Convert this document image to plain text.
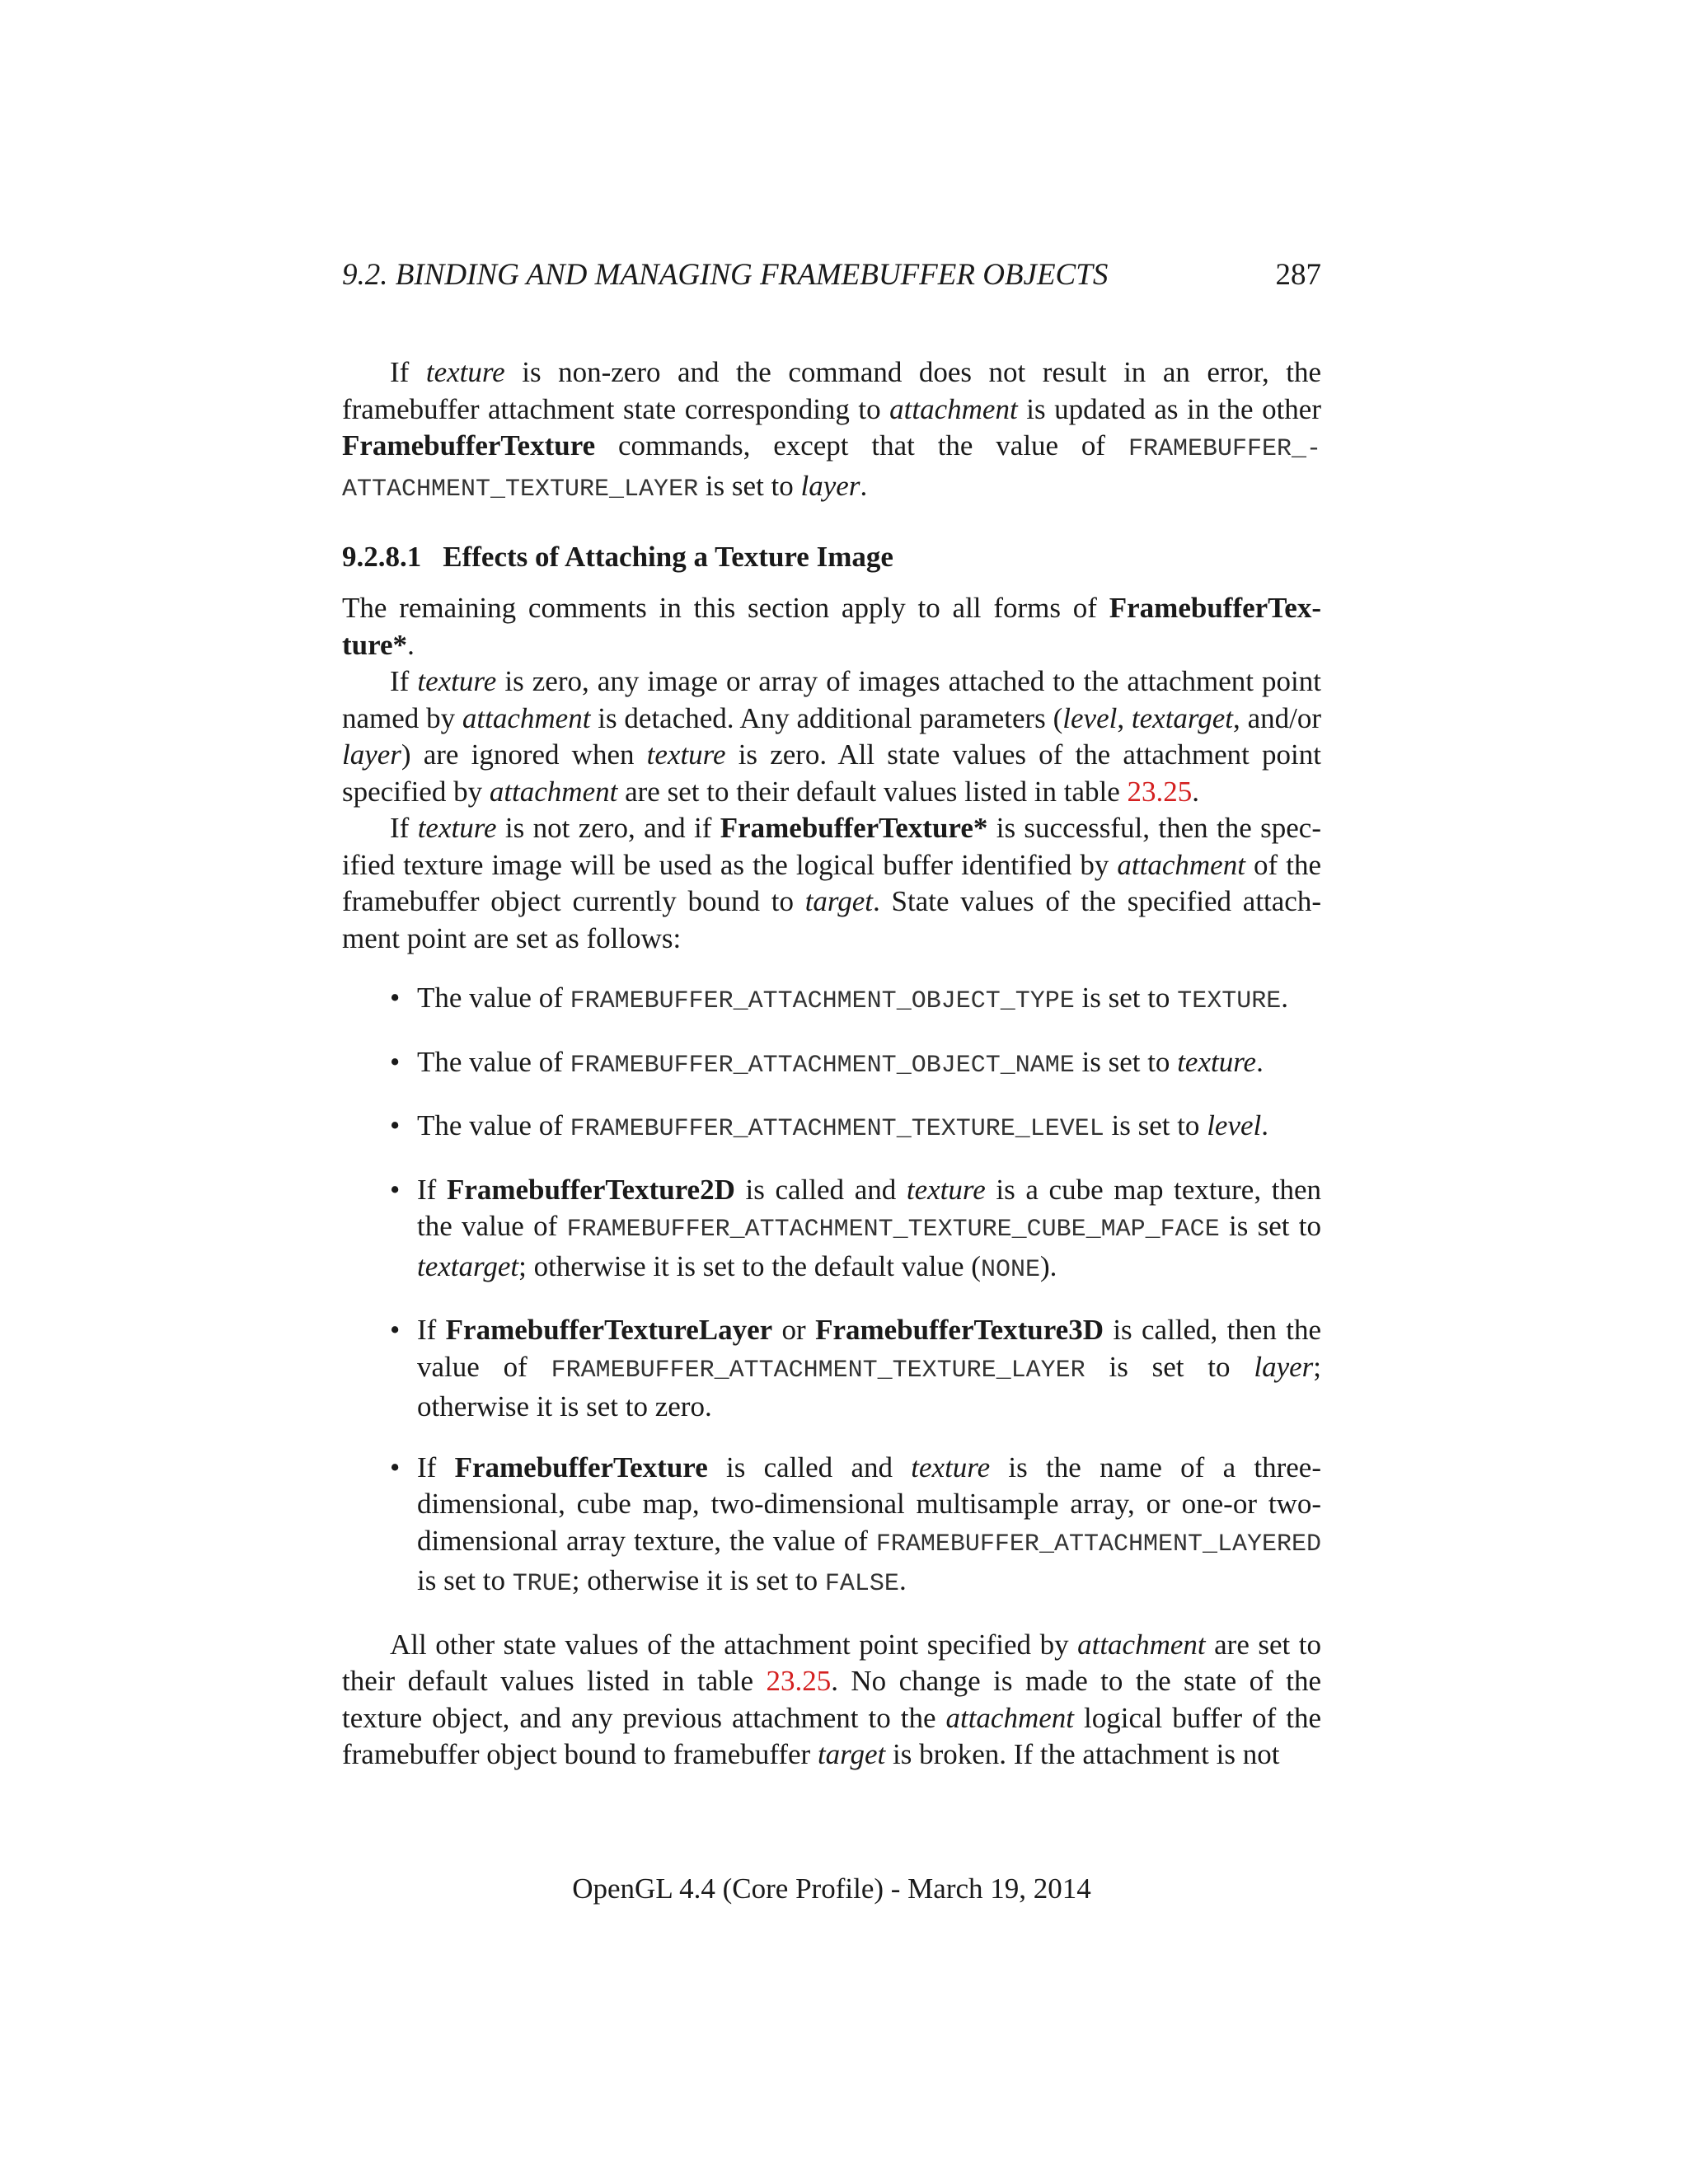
9.2. BINDING AND MANAGING FRAMEBUFFER OBJECTS	287

If texture is non-zero and the command does not result in an error, the framebuffer attachment state corresponding to attachment is updated as in the other FramebufferTexture commands, except that the value of FRAMEBUFFER_ATTACHMENT_TEXTURE_LAYER is set to layer.

9.2.8.1 Effects of Attaching a Texture Image

The remaining comments in this section apply to all forms of FramebufferTexture*.

If texture is zero, any image or array of images attached to the attachment point named by attachment is detached. Any additional parameters (level, textarget, and/or layer) are ignored when texture is zero. All state values of the attachment point specified by attachment are set to their default values listed in table 23.25.

If texture is not zero, and if FramebufferTexture* is successful, then the specified texture image will be used as the logical buffer identified by attachment of the framebuffer object currently bound to target. State values of the specified attachment point are set as follows:

• The value of FRAMEBUFFER_ATTACHMENT_OBJECT_TYPE is set to TEXTURE.
• The value of FRAMEBUFFER_ATTACHMENT_OBJECT_NAME is set to texture.
• The value of FRAMEBUFFER_ATTACHMENT_TEXTURE_LEVEL is set to level.
• If FramebufferTexture2D is called and texture is a cube map texture, then the value of FRAMEBUFFER_ATTACHMENT_TEXTURE_CUBE_MAP_FACE is set to textarget; otherwise it is set to the default value (NONE).
• If FramebufferTextureLayer or FramebufferTexture3D is called, then the value of FRAMEBUFFER_ATTACHMENT_TEXTURE_LAYER is set to layer; otherwise it is set to zero.
• If FramebufferTexture is called and texture is the name of a three-dimensional, cube map, two-dimensional multisample array, or one-or two-dimensional array texture, the value of FRAMEBUFFER_ATTACHMENT_LAYERED is set to TRUE; otherwise it is set to FALSE.

All other state values of the attachment point specified by attachment are set to their default values listed in table 23.25. No change is made to the state of the texture object, and any previous attachment to the attachment logical buffer of the framebuffer object bound to framebuffer target is broken. If the attachment is not

OpenGL 4.4 (Core Profile) - March 19, 2014
